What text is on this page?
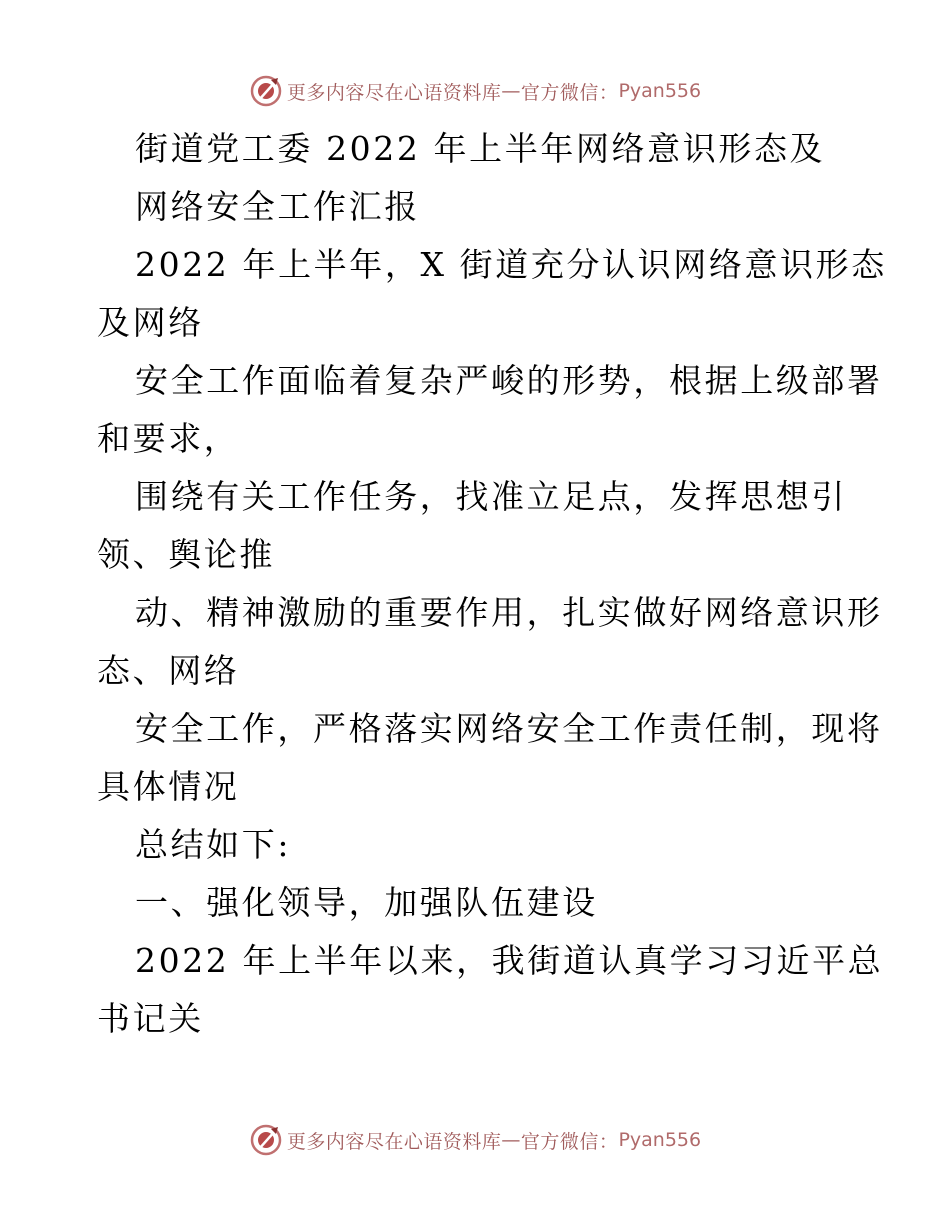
更多内容尽在心语资料库 — 官方微信： Pyan556
街道党工委 2022 年上半年网络意识形态及
网络安全工作汇报
2022 年上半年，X 街道充分认识网络意识形态
及网络
安全工作面临着复杂严峻的形势，根据上级部署
和要求，
围绕有关工作任务，找准立足点，发挥思想引
领、舆论推
动、精神激励的重要作用，扎实做好网络意识形
态、网络
安全工作，严格落实网络安全工作责任制，现将
具体情况
总结如下:
一、强化领导，加强队伍建设
2022 年上半年以来，我街道认真学习习近平总
书记关
更多内容尽在心语资料库 — 官方微信： Pyan556
